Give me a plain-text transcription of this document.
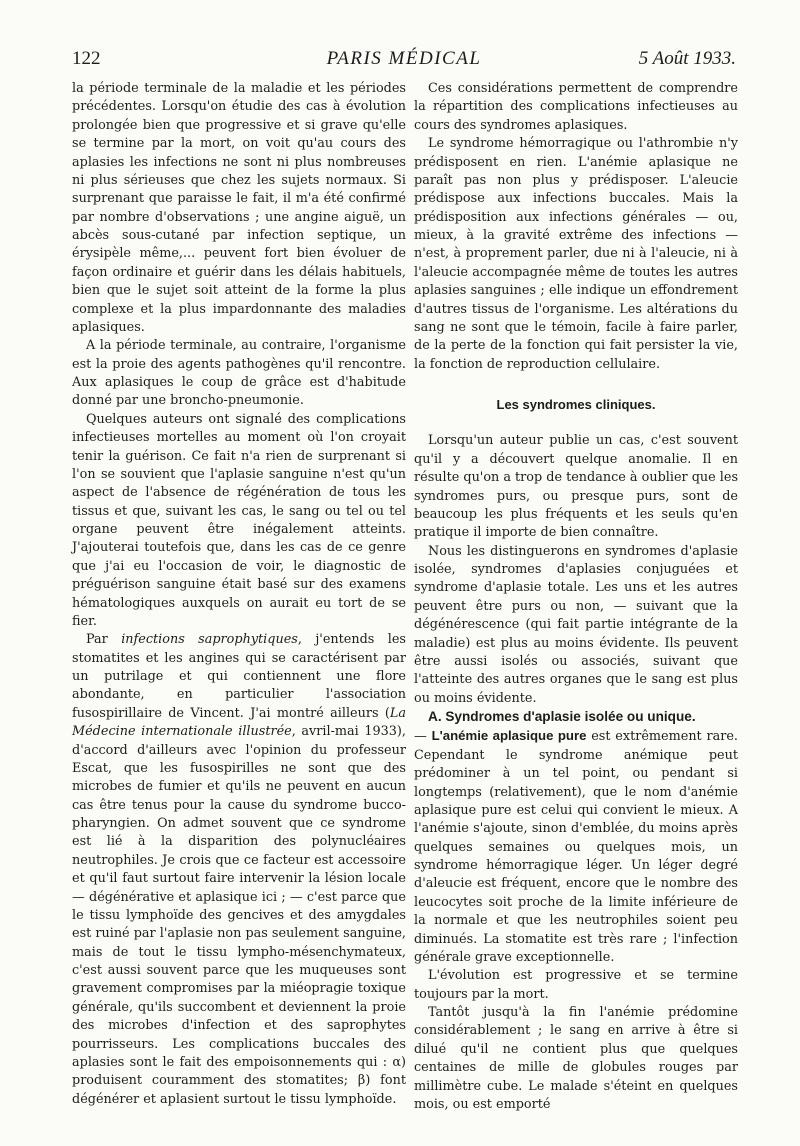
PARIS MÉDICAL
122	5 Août 1933.

la période terminale de la maladie et les périodes précédentes. Lorsqu'on étudie des cas à évolution prolongée bien que progressive et si grave qu'elle se termine par la mort, on voit qu'au cours des aplasies les infections ne sont ni plus nombreuses ni plus sérieuses que chez les sujets normaux. Si surprenant que paraisse le fait, il m'a été confirmé par nombre d'observations ; une angine aiguë, un abcès sous-cutané par infection septique, un érysipèle même,... peuvent fort bien évoluer de façon ordinaire et guérir dans les délais habituels, bien que le sujet soit atteint de la forme la plus complexe et la plus impardonnante des maladies aplasiques.

A la période terminale, au contraire, l'organisme est la proie des agents pathogènes qu'il rencontre. Aux aplasiques le coup de grâce est d'habitude donné par une broncho-pneumonie.

Quelques auteurs ont signalé des complications infectieuses mortelles au moment où l'on croyait tenir la guérison. Ce fait n'a rien de surprenant si l'on se souvient que l'aplasie sanguine n'est qu'un aspect de l'absence de régénération de tous les tissus et que, suivant les cas, le sang ou tel ou tel organe peuvent être inégalement atteints. J'ajouterai toutefois que, dans les cas de ce genre que j'ai eu l'occasion de voir, le diagnostic de préguérison sanguine était basé sur des examens hématologiques auxquels on aurait eu tort de se fier.

Par infections saprophytiques, j'entends les stomatites et les angines qui se caractérisent par un putrilage et qui contiennent une flore abondante, en particulier l'association fusospirillaire de Vincent. J'ai montré ailleurs (La Médecine internationale illustrée, avril-mai 1933), d'accord d'ailleurs avec l'opinion du professeur Escat, que les fusospirilles ne sont que des microbes de fumier et qu'ils ne peuvent en aucun cas être tenus pour la cause du syndrome bucco-pharyngien. On admet souvent que ce syndrome est lié à la disparition des polynucléaires neutrophiles. Je crois que ce facteur est accessoire et qu'il faut surtout faire intervenir la lésion locale — dégénérative et aplasique ici ; — c'est parce que le tissu lymphoïde des gencives et des amygdales est ruiné par l'aplasie non pas seulement sanguine, mais de tout le tissu lympho-mésenchymateux, c'est aussi souvent parce que les muqueuses sont gravement compromises par la miéopragie toxique générale, qu'ils succombent et deviennent la proie des microbes d'infection et des saprophytes pourrisseurs. Les complications buccales des aplasies sont le fait des empoisonnements qui : α) produisent couramment des stomatites; β) font dégénérer et aplasient surtout le tissu lymphoïde.

Ces considérations permettent de comprendre la répartition des complications infectieuses au cours des syndromes aplasiques.

Le syndrome hémorragique ou l'athrombie n'y prédisposent en rien. L'anémie aplasique ne paraît pas non plus y prédisposer. L'aleucie prédispose aux infections buccales. Mais la prédisposition aux infections générales — ou, mieux, à la gravité extrême des infections — n'est, à proprement parler, due ni à l'aleucie, ni à l'aleucie accompagnée même de toutes les autres aplasies sanguines ; elle indique un effondrement d'autres tissus de l'organisme. Les altérations du sang ne sont que le témoin, facile à faire parler, de la perte de la fonction qui fait persister la vie, la fonction de reproduction cellulaire.

Les syndromes cliniques.

Lorsqu'un auteur publie un cas, c'est souvent qu'il y a découvert quelque anomalie. Il en résulte qu'on a trop de tendance à oublier que les syndromes purs, ou presque purs, sont de beaucoup les plus fréquents et les seuls qu'en pratique il importe de bien connaître.

Nous les distinguerons en syndromes d'aplasie isolée, syndromes d'aplasies conjuguées et syndrome d'aplasie totale. Les uns et les autres peuvent être purs ou non, — suivant que la dégénérescence (qui fait partie intégrante de la maladie) est plus au moins évidente. Ils peuvent être aussi isolés ou associés, suivant que l'atteinte des autres organes que le sang est plus ou moins évidente.

A. Syndromes d'aplasie isolée ou unique.
— L'anémie aplasique pure est extrêmement rare. Cependant le syndrome anémique peut prédominer à un tel point, ou pendant si longtemps (relativement), que le nom d'anémie aplasique pure est celui qui convient le mieux. A l'anémie s'ajoute, sinon d'emblée, du moins après quelques semaines ou quelques mois, un syndrome hémorragique léger. Un léger degré d'aleucie est fréquent, encore que le nombre des leucocytes soit proche de la limite inférieure de la normale et que les neutrophiles soient peu diminués. La stomatite est très rare ; l'infection générale grave exceptionnelle.

L'évolution est progressive et se termine toujours par la mort.

Tantôt jusqu'à la fin l'anémie prédomine considérablement ; le sang en arrive à être si dilué qu'il ne contient plus que quelques centaines de mille de globules rouges par millimètre cube. Le malade s'éteint en quelques mois, ou est emporté
